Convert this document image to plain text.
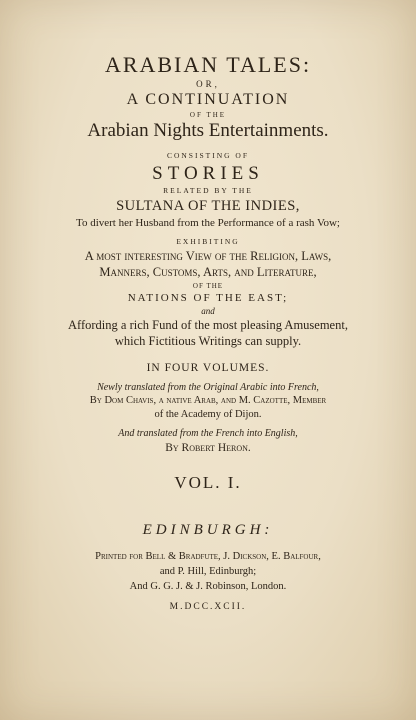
ARABIAN TALES:

OR,

A CONTINUATION

OF THE

Arabian Nights Entertainments.

CONSISTING OF

STORIES

RELATED BY THE

SULTANA OF THE INDIES,

To divert her Husband from the Performance of a rash Vow;

EXHIBITING

A most interesting View of the Religion, Laws,

Manners, Customs, Arts, and Literature,

OF THE

NATIONS OF THE EAST;

and

Affording a rich Fund of the most pleasing Amusement,

which Fictitious Writings can supply.

IN FOUR VOLUMES.

Newly translated from the Original Arabic into French,

By Dom Chavis, a native Arab, and M. Cazotte, Member

of the Academy of Dijon.

And translated from the French into English,

By Robert Heron.

VOL. I.

EDINBURGH:

Printed for Bell & Bradfute, J. Dickson, E. Balfour,

and P. Hill, Edinburgh;

And G. G. J. & J. Robinson, London.

M.DCC.XCII.
